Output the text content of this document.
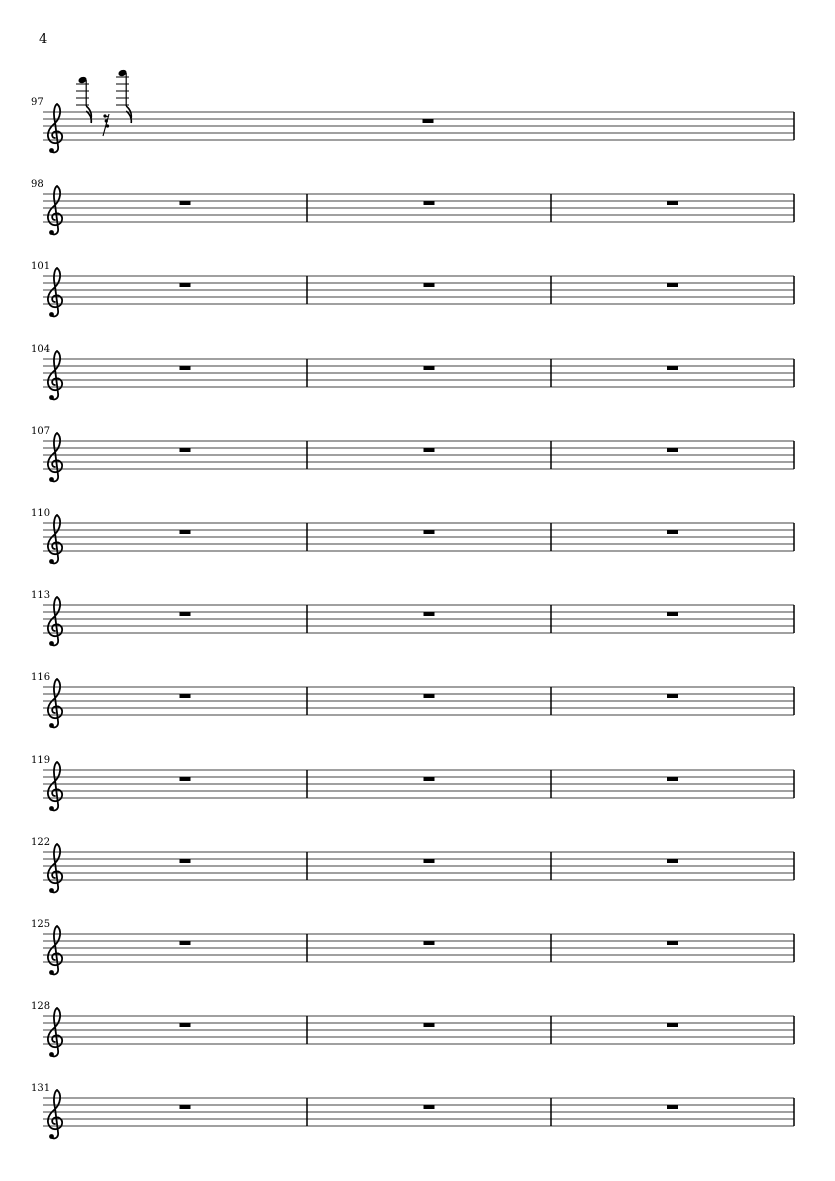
4
97
98
101
104
107
110
113
116
119
122
125
128
131
